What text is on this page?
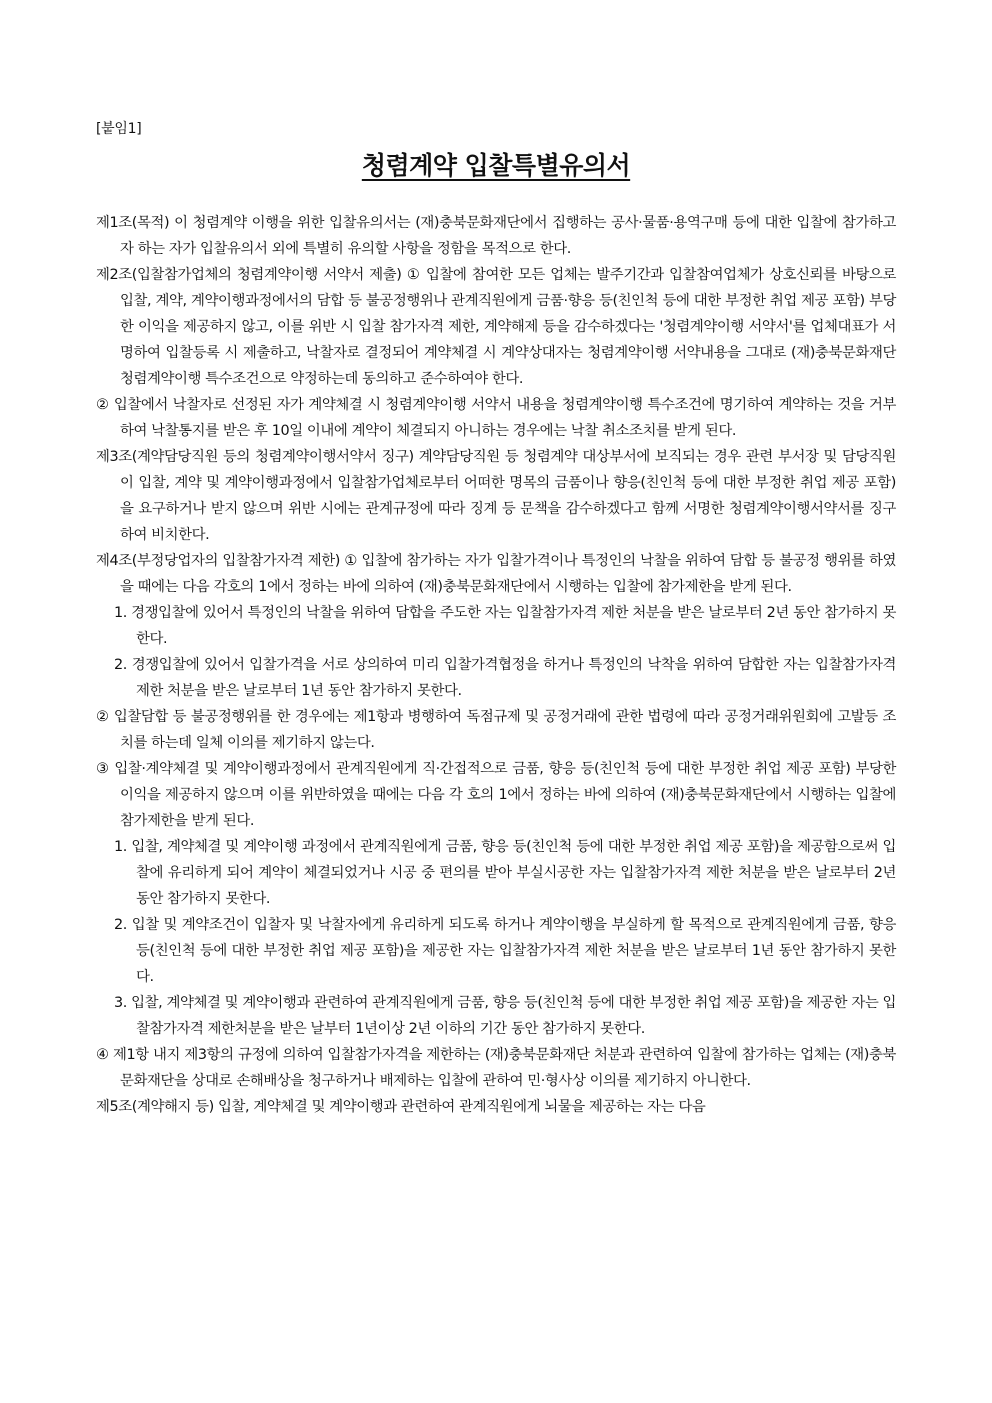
[붙임1]
청렴계약 입찰특별유의서

제1조(목적) 이 청렴계약 이행을 위한 입찰유의서는 (재)충북문화재단에서 집행하는 공사·물품·용역구매 등에 대한 입찰에 참가하고자 하는 자가 입찰유의서 외에 특별히 유의할 사항을 정함을 목적으로 한다.

제2조(입찰참가업체의 청렴계약이행 서약서 제출) ① 입찰에 참여한 모든 업체는 발주기간과 입찰참여업체가 상호신뢰를 바탕으로 입찰, 계약, 계약이행과정에서의 담합 등 불공정행위나 관계직원에게 금품·향응 등(친인척 등에 대한 부정한 취업 제공 포함) 부당한 이익을 제공하지 않고, 이를 위반 시 입찰 참가자격 제한, 계약해제 등을 감수하겠다는 '청렴계약이행 서약서'를 업체대표가 서명하여 입찰등록 시 제출하고, 낙찰자로 결정되어 계약체결 시 계약상대자는 청렴계약이행 서약내용을 그대로 (재)충북문화재단 청렴계약이행 특수조건으로 약정하는데 동의하고 준수하여야 한다.

② 입찰에서 낙찰자로 선정된 자가 계약체결 시 청렴계약이행 서약서 내용을 청렴계약이행 특수조건에 명기하여 계약하는 것을 거부하여 낙찰통지를 받은 후 10일 이내에 계약이 체결되지 아니하는 경우에는 낙찰 취소조치를 받게 된다.

제3조(계약담당직원 등의 청렴계약이행서약서 징구) 계약담당직원 등 청렴계약 대상부서에 보직되는 경우 관련 부서장 및 담당직원이 입찰, 계약 및 계약이행과정에서 입찰참가업체로부터 어떠한 명목의 금품이나 향응(친인척 등에 대한 부정한 취업 제공 포함)을 요구하거나 받지 않으며 위반 시에는 관계규정에 따라 징계 등 문책을 감수하겠다고 함께 서명한 청렴계약이행서약서를 징구하여 비치한다.

제4조(부정당업자의 입찰참가자격 제한) ① 입찰에 참가하는 자가 입찰가격이나 특정인의 낙찰을 위하여 담합 등 불공정 행위를 하였을 때에는 다음 각호의 1에서 정하는 바에 의하여 (재)충북문화재단에서 시행하는 입찰에 참가제한을 받게 된다.

1. 경쟁입찰에 있어서 특정인의 낙찰을 위하여 담합을 주도한 자는 입찰참가자격 제한 처분을 받은 날로부터 2년 동안 참가하지 못한다.

2. 경쟁입찰에 있어서 입찰가격을 서로 상의하여 미리 입찰가격협정을 하거나 특정인의 낙착을 위하여 담합한 자는 입찰참가자격 제한 처분을 받은 날로부터 1년 동안 참가하지 못한다.

② 입찰담합 등 불공정행위를 한 경우에는 제1항과 병행하여 독점규제 및 공정거래에 관한 법령에 따라 공정거래위원회에 고발등 조치를 하는데 일체 이의를 제기하지 않는다.

③ 입찰·계약체결 및 계약이행과정에서 관계직원에게 직·간접적으로 금품, 향응 등(친인척 등에 대한 부정한 취업 제공 포함) 부당한 이익을 제공하지 않으며 이를 위반하였을 때에는 다음 각 호의 1에서 정하는 바에 의하여 (재)충북문화재단에서 시행하는 입찰에 참가제한을 받게 된다.

1. 입찰, 계약체결 및 계약이행 과정에서 관계직원에게 금품, 향응 등(친인척 등에 대한 부정한 취업 제공 포함)을 제공함으로써 입찰에 유리하게 되어 계약이 체결되었거나 시공 중 편의를 받아 부실시공한 자는 입찰참가자격 제한 처분을 받은 날로부터 2년 동안 참가하지 못한다.

2. 입찰 및 계약조건이 입찰자 및 낙찰자에게 유리하게 되도록 하거나 계약이행을 부실하게 할 목적으로 관계직원에게 금품, 향응 등(친인척 등에 대한 부정한 취업 제공 포함)을 제공한 자는 입찰참가자격 제한 처분을 받은 날로부터 1년 동안 참가하지 못한다.

3. 입찰, 계약체결 및 계약이행과 관련하여 관계직원에게 금품, 향응 등(친인척 등에 대한 부정한 취업 제공 포함)을 제공한 자는 입찰참가자격 제한처분을 받은 날부터 1년이상 2년 이하의 기간 동안 참가하지 못한다.

④ 제1항 내지 제3항의 규정에 의하여 입찰참가자격을 제한하는 (재)충북문화재단 처분과 관련하여 입찰에 참가하는 업체는 (재)충북문화재단을 상대로 손해배상을 청구하거나 배제하는 입찰에 관하여 민·형사상 이의를 제기하지 아니한다.

제5조(계약해지 등) 입찰, 계약체결 및 계약이행과 관련하여 관계직원에게 뇌물을 제공하는 자는 다음
